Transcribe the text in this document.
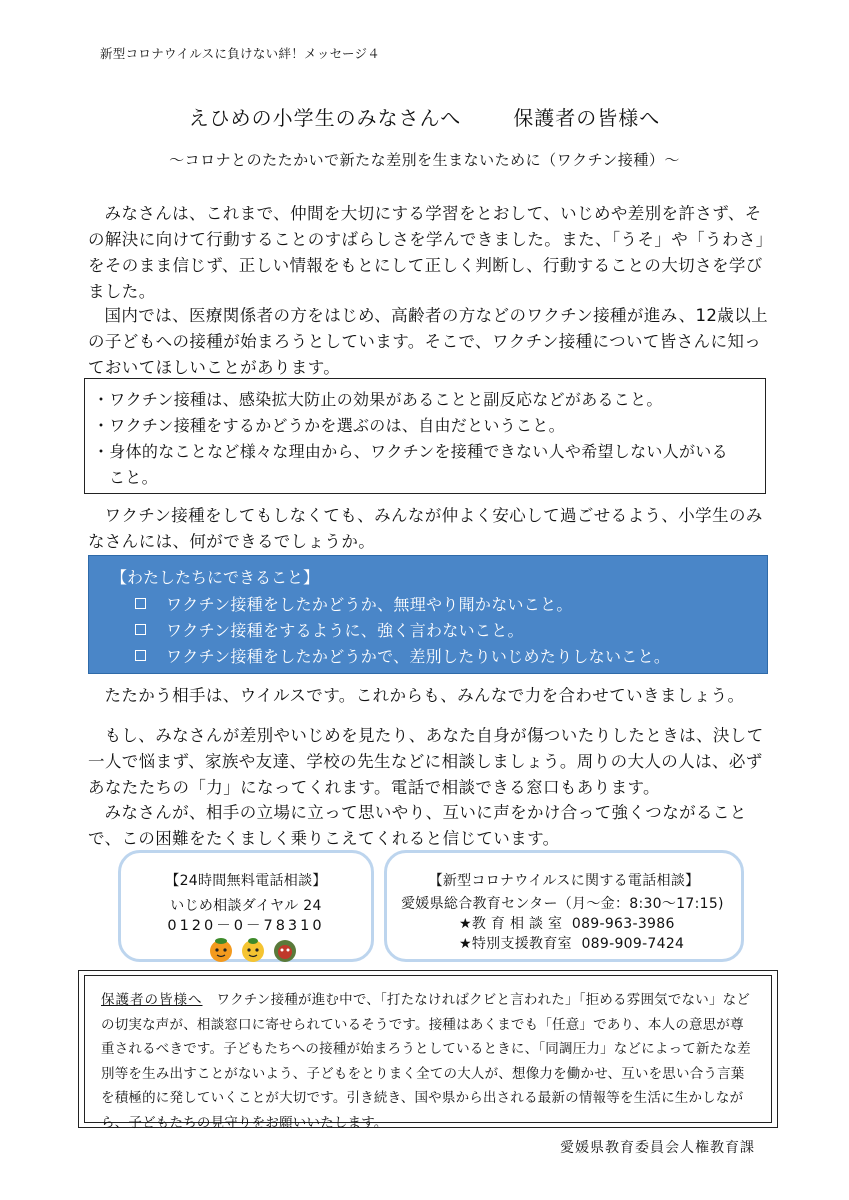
新型コロナウイルスに負けない絆！メッセージ４
えひめの小学生のみなさんへ	保護者の皆様へ
～コロナとのたたかいで新たな差別を生まないために（ワクチン接種）～

みなさんは、これまで、仲間を大切にする学習をとおして、いじめや差別を許さず、その解決に向けて行動することのすばらしさを学んできました。また、「うそ」や「うわさ」をそのまま信じず、正しい情報をもとにして正しく判断し、行動することの大切さを学びました。

国内では、医療関係者の方をはじめ、高齢者の方などのワクチン接種が進み、12歳以上の子どもへの接種が始まろうとしています。そこで、ワクチン接種について皆さんに知っておいてほしいことがあります。

・ワクチン接種は、感染拡大防止の効果があることと副反応などがあること。
・ワクチン接種をするかどうかを選ぶのは、自由だということ。
・身体的なことなど様々な理由から、ワクチンを接種できない人や希望しない人がいる
こと。

ワクチン接種をしてもしなくても、みんなが仲よく安心して過ごせるよう、小学生のみなさんには、何ができるでしょうか。

【わたしたちにできること】
ワクチン接種をしたかどうか、無理やり聞かないこと。
ワクチン接種をするように、強く言わないこと。
ワクチン接種をしたかどうかで、差別したりいじめたりしないこと。

たたかう相手は、ウイルスです。これからも、みんなで力を合わせていきましょう。

もし、みなさんが差別やいじめを見たり、あなた自身が傷ついたりしたときは、決して一人で悩まず、家族や友達、学校の先生などに相談しましょう。周りの大人の人は、必ずあなたたちの「力」になってくれます。電話で相談できる窓口もあります。

みなさんが、相手の立場に立って思いやり、互いに声をかけ合って強くつながることで、この困難をたくましく乗りこえてくれると信じています。

【24時間無料電話相談】
いじめ相談ダイヤル 24
0120－0－78310
【新型コロナウイルスに関する電話相談】
愛媛県総合教育センター（月～金：8:30～17:15)
★教 育 相 談 室 089-963-3986
★特別支援教育室 089-909-7424
保護者の皆様へ ワクチン接種が進む中で、「打たなければクビと言われた」「拒める雰囲気でない」などの切実な声が、相談窓口に寄せられているそうです。接種はあくまでも「任意」であり、本人の意思が尊重されるべきです。子どもたちへの接種が始まろうとしているときに、「同調圧力」などによって新たな差別等を生み出すことがないよう、子どもをとりまく全ての大人が、想像力を働かせ、互いを思い合う言葉を積極的に発していくことが大切です。引き続き、国や県から出される最新の情報等を生活に生かしながら、子どもたちの見守りをお願いいたします。
愛媛県教育委員会人権教育課
